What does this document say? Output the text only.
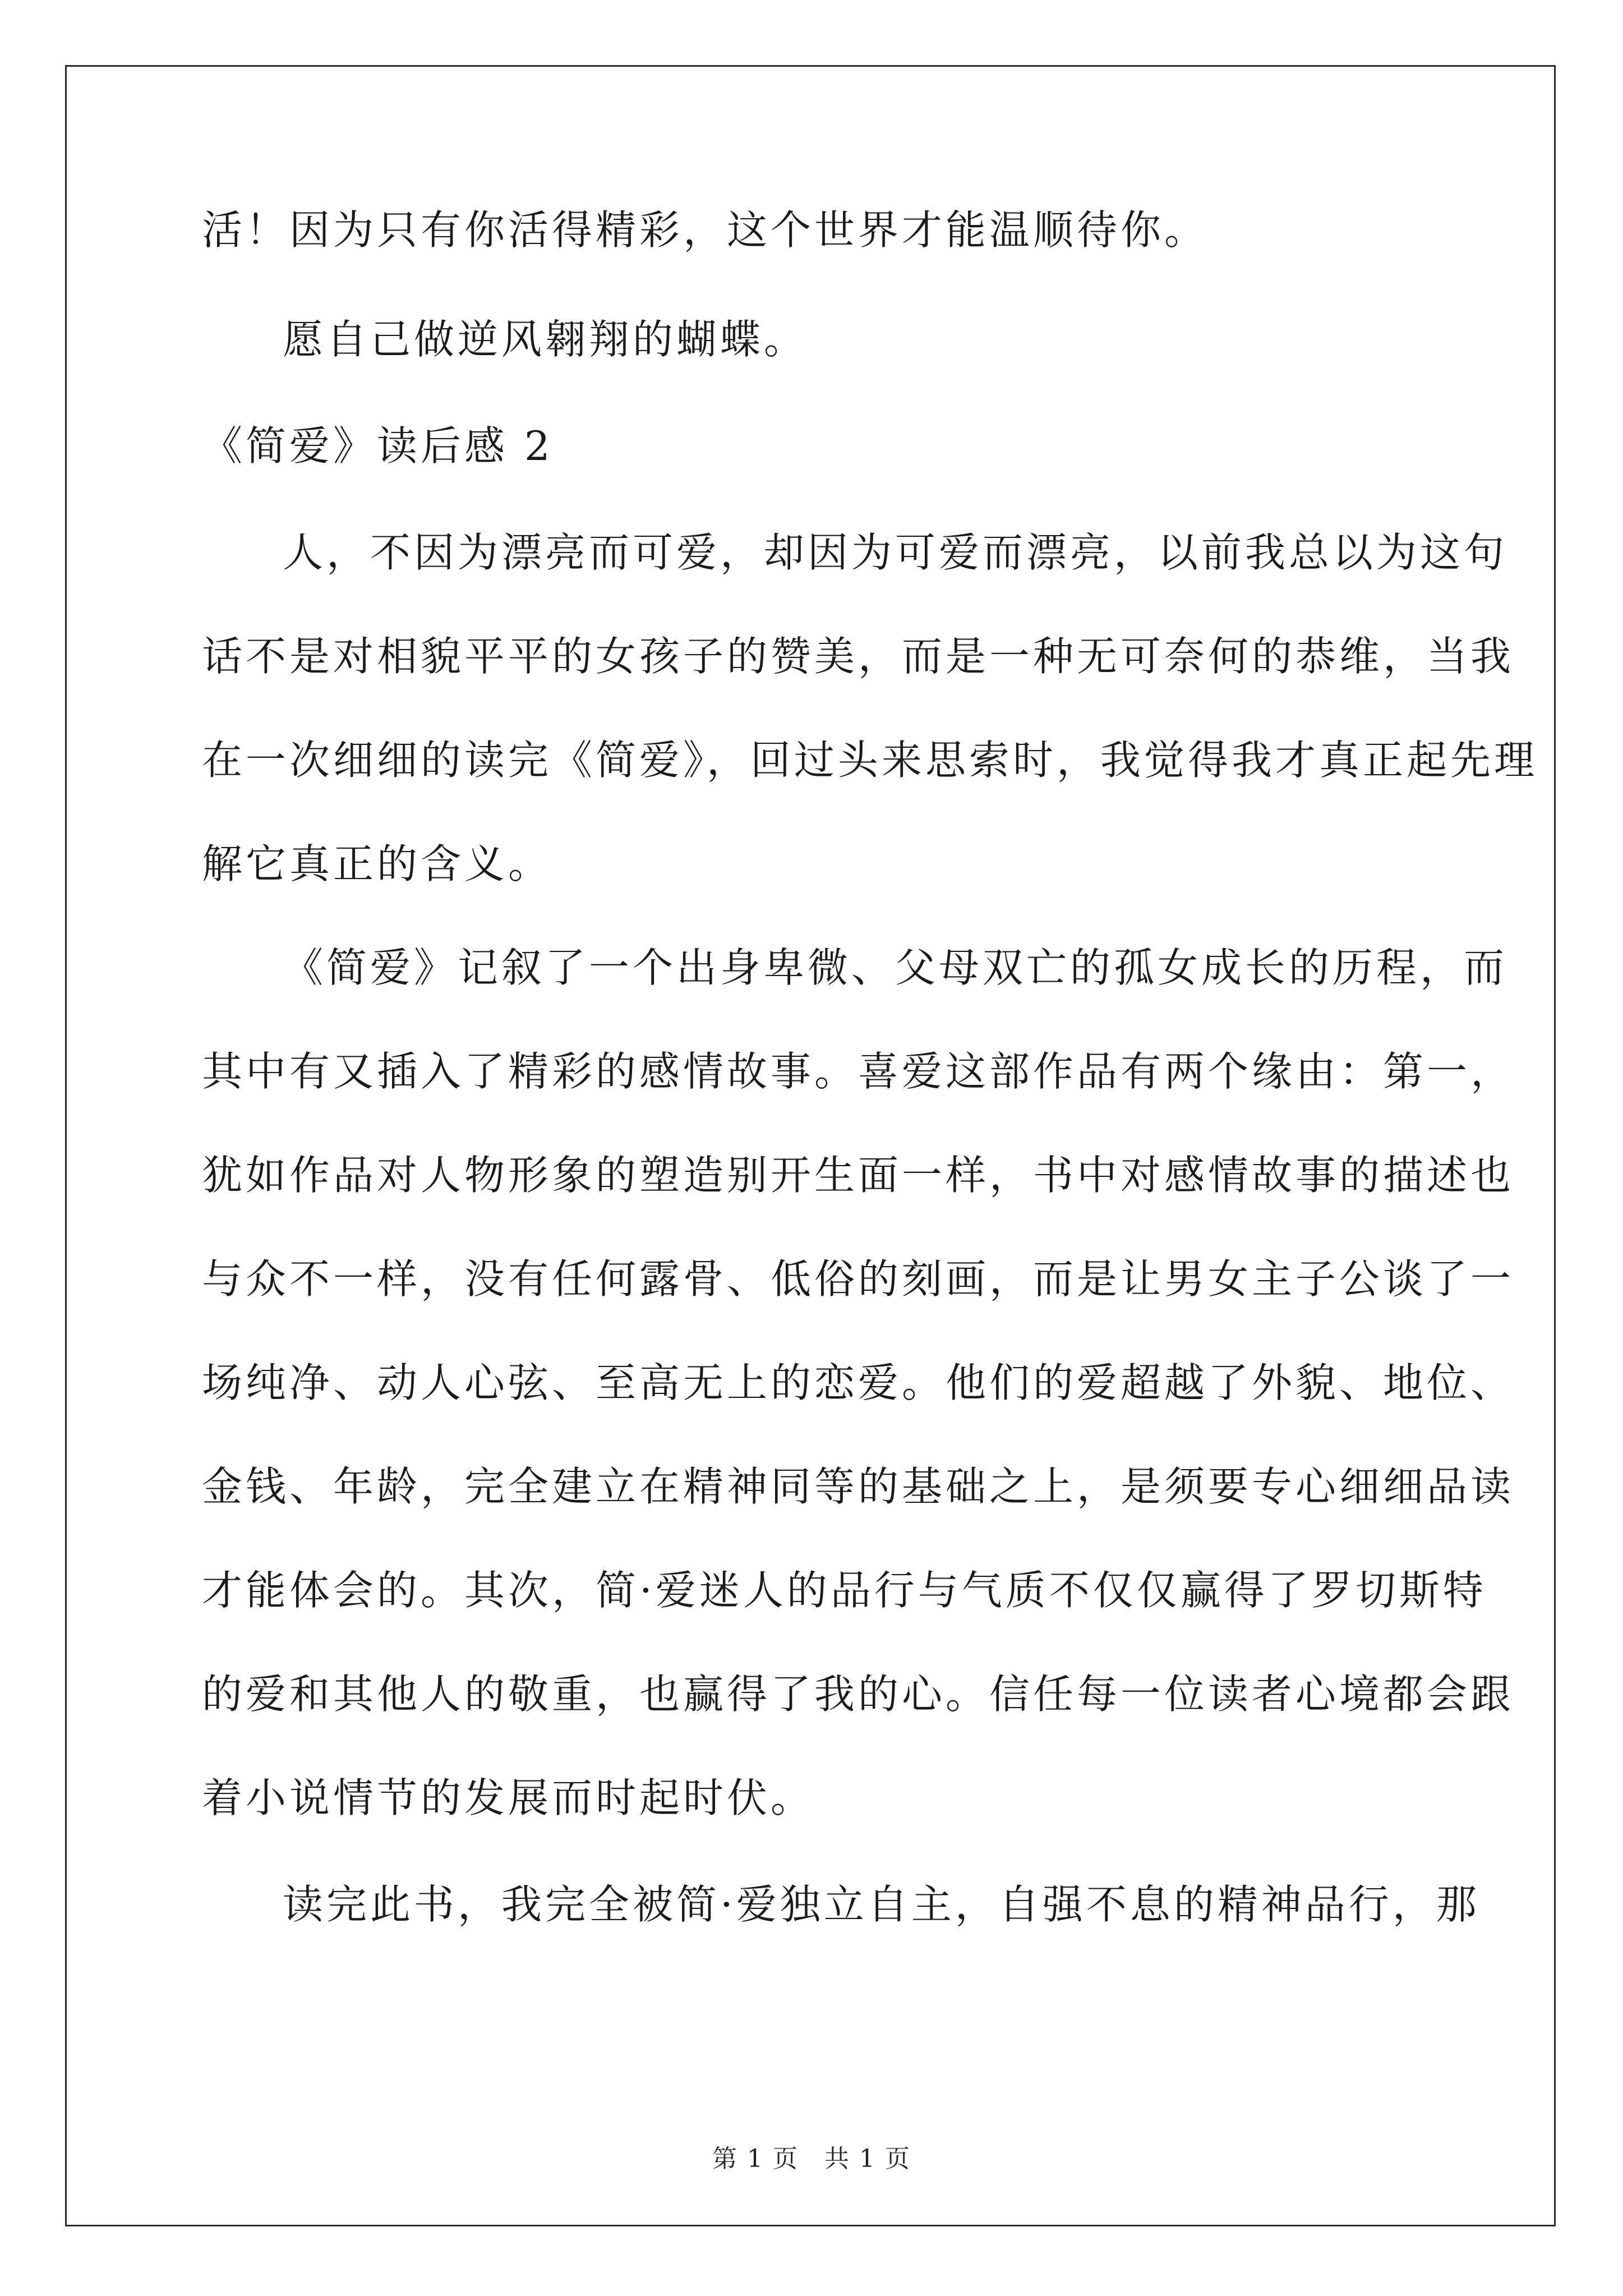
活！因为只有你活得精彩，这个世界才能温顺待你。
愿自己做逆风翱翔的蝴蝶。
《简爱》读后感 2
人，不因为漂亮而可爱，却因为可爱而漂亮，以前我总以为这句
话不是对相貌平平的女孩子的赞美，而是一种无可奈何的恭维，当我
在一次细细的读完《简爱》，回过头来思索时，我觉得我才真正起先理
解它真正的含义。
《简爱》记叙了一个出身卑微、父母双亡的孤女成长的历程，而
其中有又插入了精彩的感情故事。喜爱这部作品有两个缘由：第一，
犹如作品对人物形象的塑造别开生面一样，书中对感情故事的描述也
与众不一样，没有任何露骨、低俗的刻画，而是让男女主子公谈了一
场纯净、动人心弦、至高无上的恋爱。他们的爱超越了外貌、地位、
金钱、年龄，完全建立在精神同等的基础之上，是须要专心细细品读
才能体会的。其次，简·爱迷人的品行与气质不仅仅赢得了罗切斯特
的爱和其他人的敬重，也赢得了我的心。信任每一位读者心境都会跟
着小说情节的发展而时起时伏。
读完此书，我完全被简·爱独立自主，自强不息的精神品行，那
第 1 页　共 1 页
